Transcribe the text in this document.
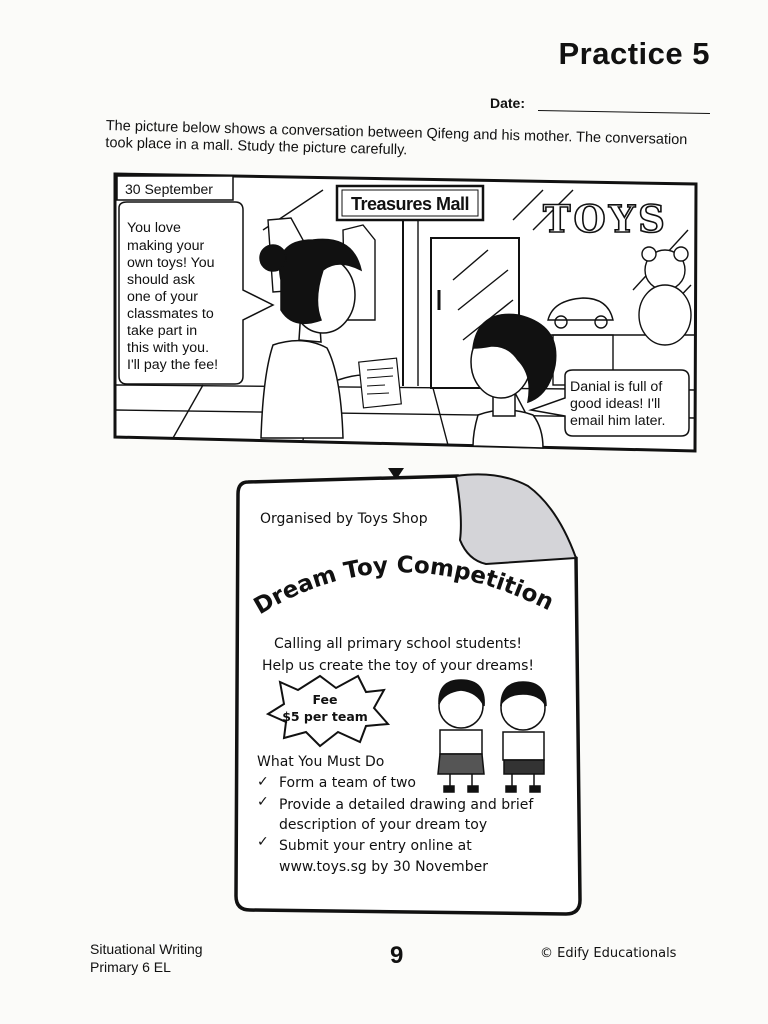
Practice 5
Date:
The picture below shows a conversation between Qifeng and his mother. The conversation took place in a mall. Study the picture carefully.
TOYS
Treasures Mall
30 September
You love
making your
own toys! You
should ask
one of your
classmates to
take part in
this with you.
I'll pay the fee!
Danial is full of
good ideas! I'll
email him later.
Organised by Toys Shop
Dream Toy Competition
Calling all primary school students!
Help us create the toy of your dreams!
Fee
$5 per team
What You Must Do
✓ Form a team of two
✓ Provide a detailed drawing and brief
description of your dream toy
✓ Submit your entry online at
www.toys.sg by 30 November
Situational Writing
Primary 6 EL	9	© Edify Educationals
